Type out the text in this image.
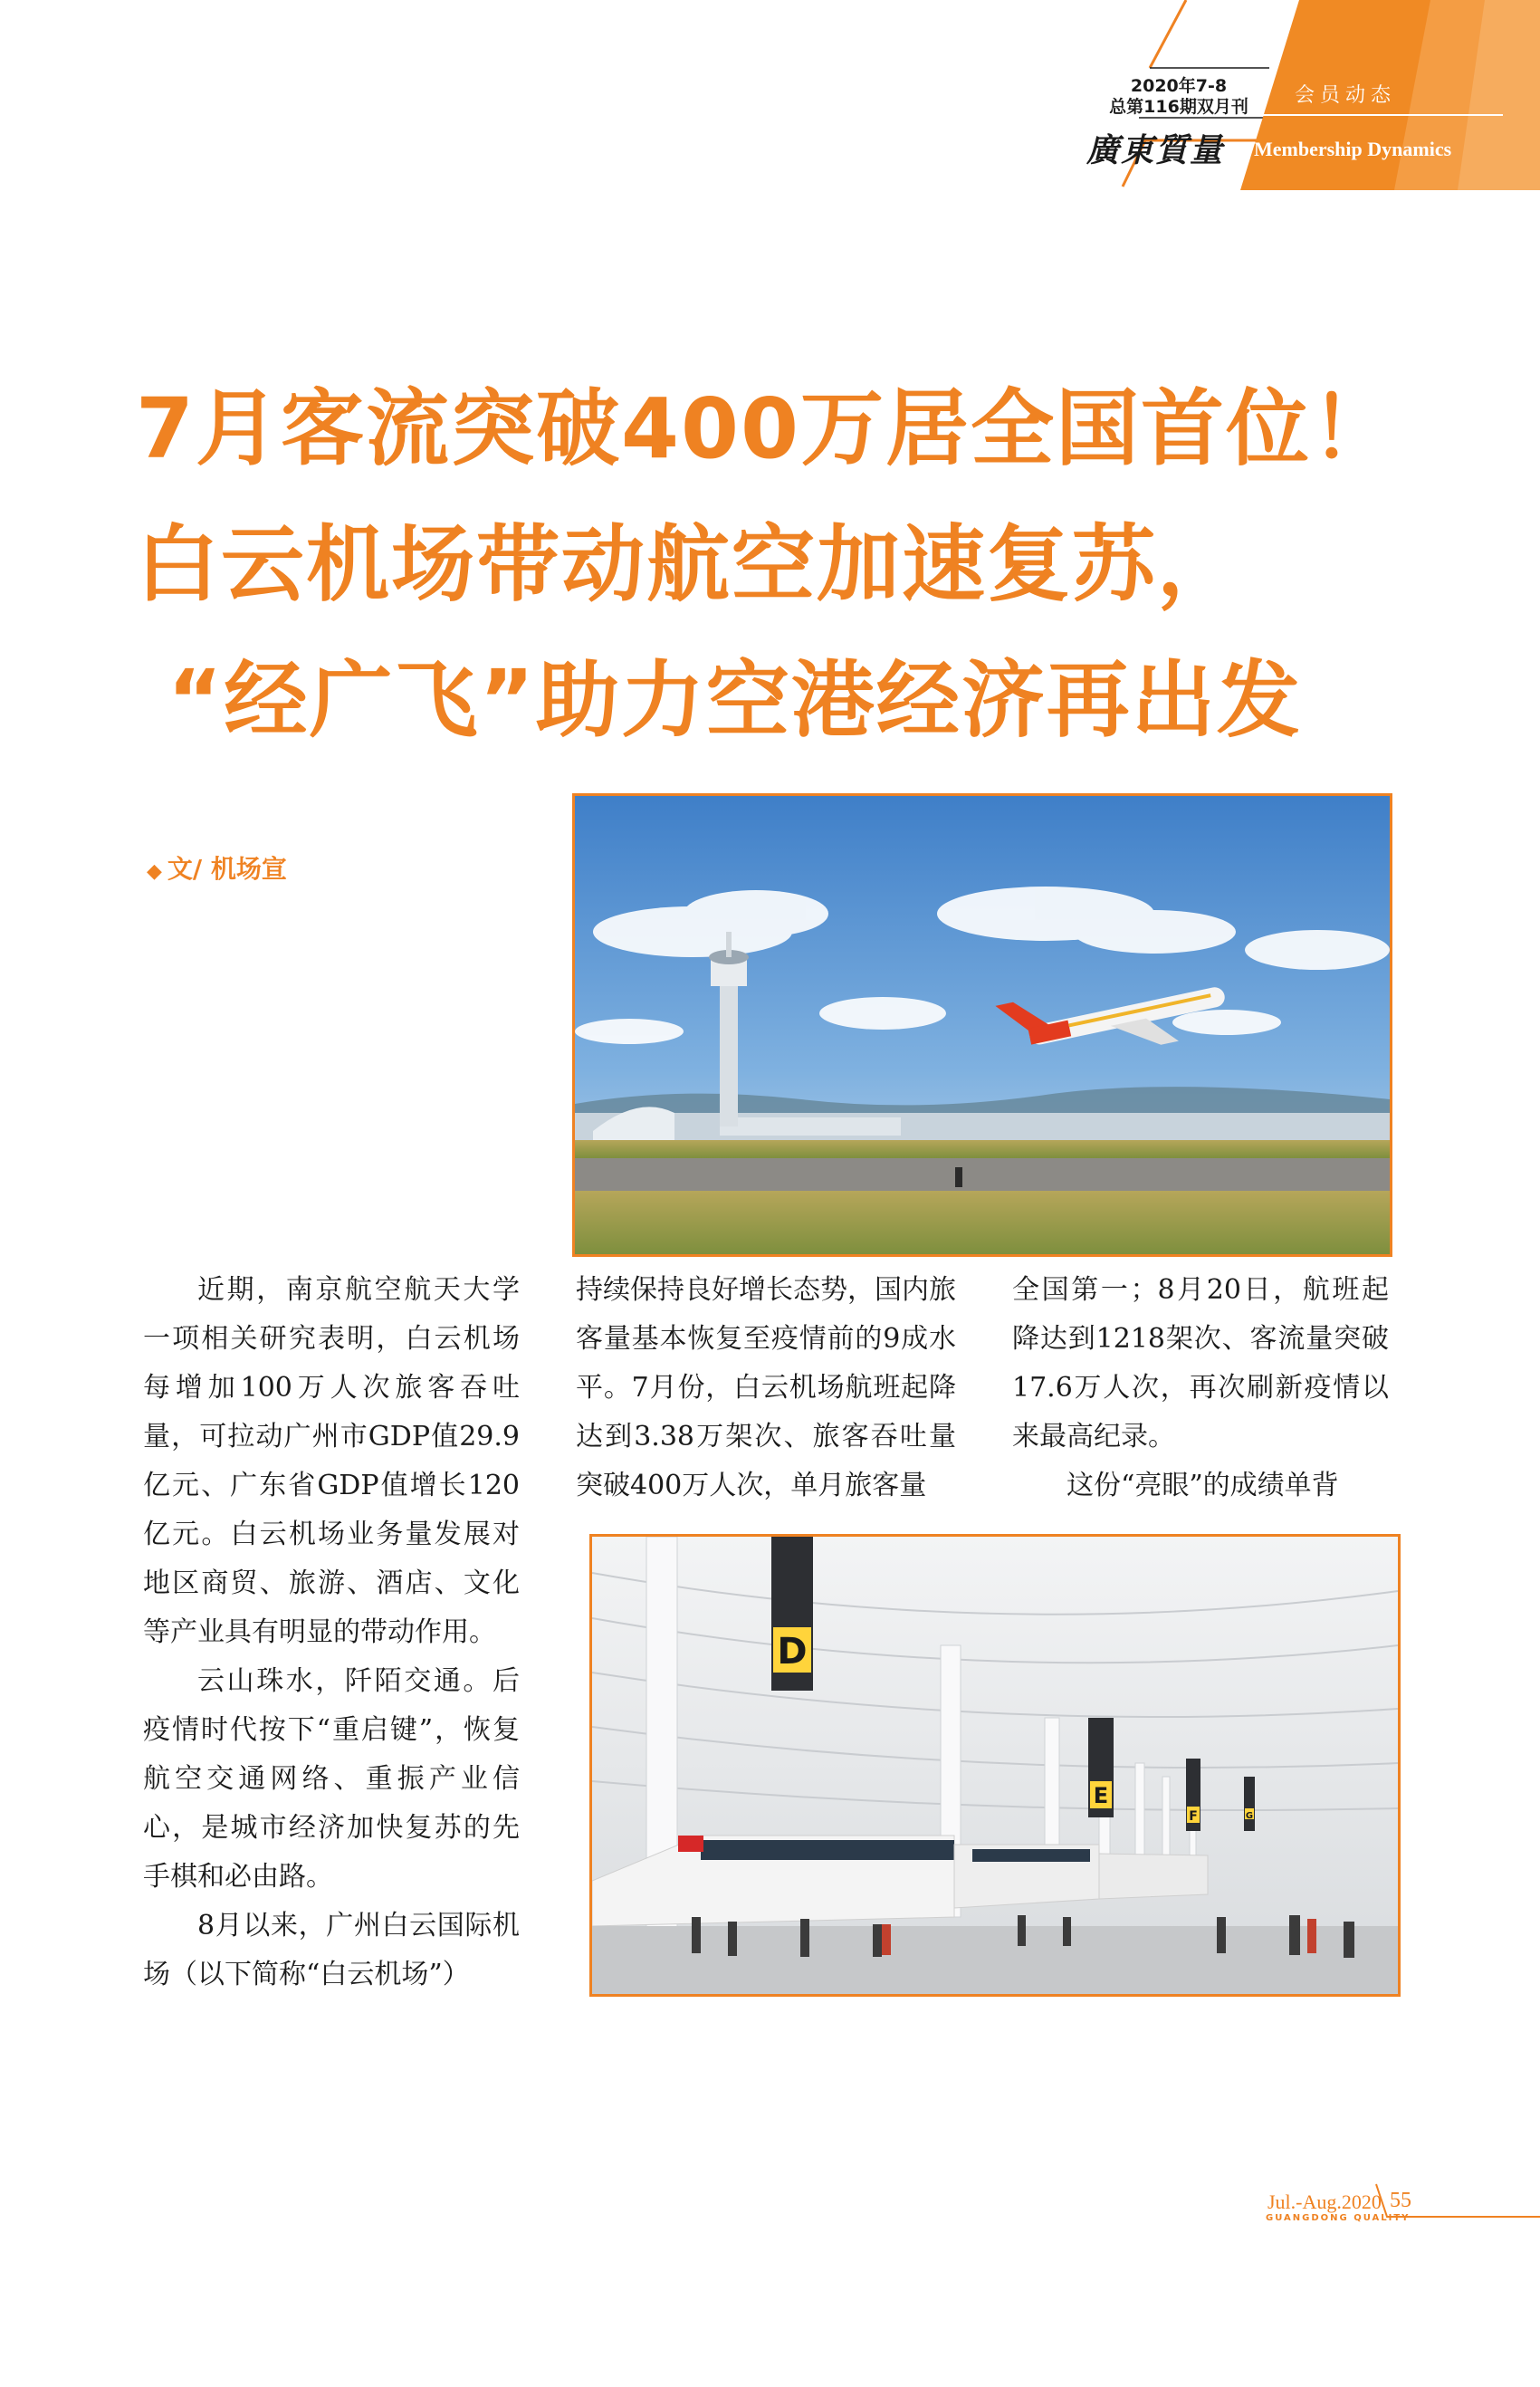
2020年7-8
总第116期双月刊
廣東質量
会员动态
Membership Dynamics
7月客流突破400万居全国首位！
白云机场带动航空加速复苏，
“经广飞”助力空港经济再出发
◆ 文/ 机场宣

近期，南京航空航天大学一项相关研究表明，白云机场每增加100万人次旅客吞吐量，可拉动广州市GDP值29.9亿元、广东省GDP值增长120亿元。白云机场业务量发展对地区商贸、旅游、酒店、文化等产业具有明显的带动作用。

云山珠水，阡陌交通。后疫情时代按下“重启键”，恢复航空交通网络、重振产业信心，是城市经济加快复苏的先手棋和必由路。

8月以来，广州白云国际机场（以下简称“白云机场”）

持续保持良好增长态势，国内旅客量基本恢复至疫情前的9成水平。7月份，白云机场航班起降达到3.38万架次、旅客吞吐量突破400万人次，单月旅客量

全国第一；8月20日，航班起降达到1218架次、客流量突破17.6万人次，再次刷新疫情以来最高纪录。

这份“亮眼”的成绩单背

D
E
F	G
Jul.-Aug.2020 55
GUANGDONG QUALITY
